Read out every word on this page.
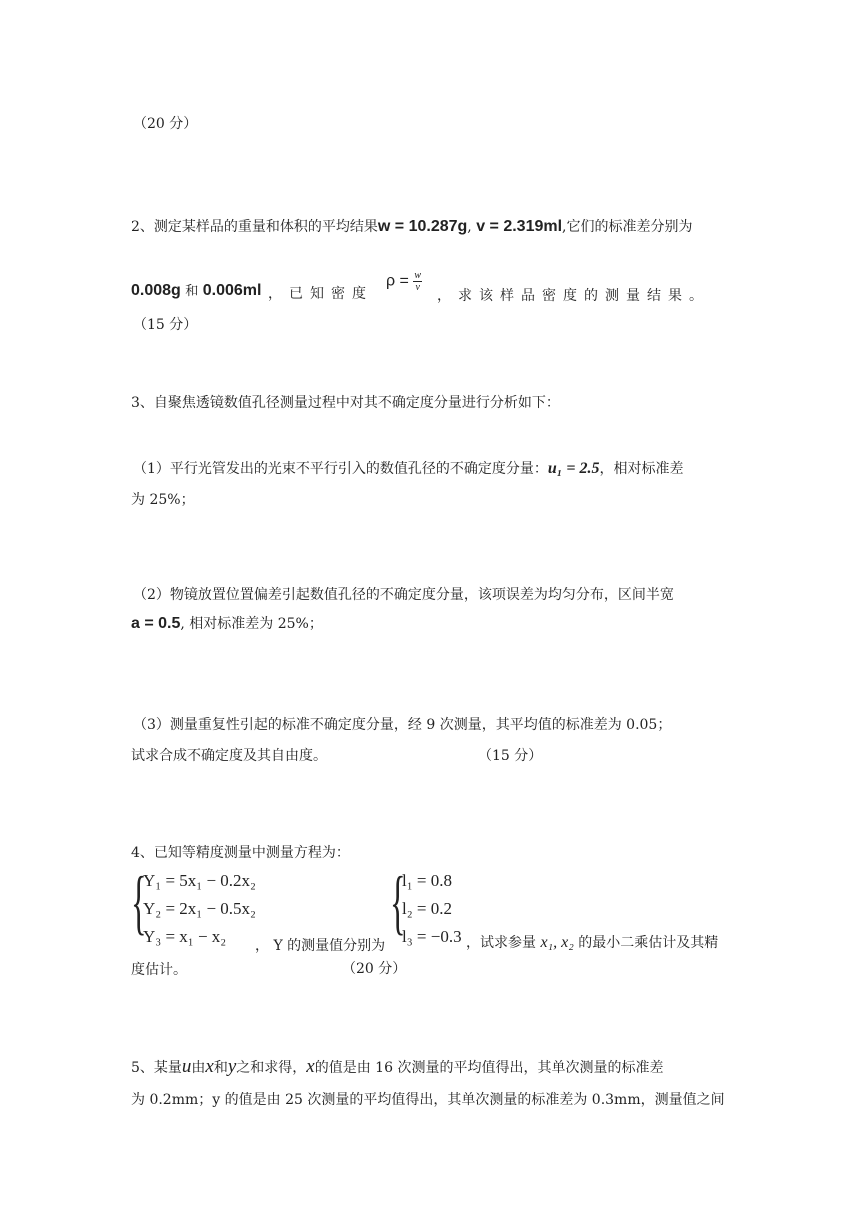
（20 分）
2、测定某样品的重量和体积的平均结果w = 10.287g, v = 2.319ml,它们的标准差分别为
0.008g 和 0.006ml ，已知密度
$\rho = \frac{w}{v}$
，求该样品密度的测量结果。
（15 分）
3、自聚焦透镜数值孔径测量过程中对其不确定度分量进行分析如下：
（1）平行光管发出的光束不平行引入的数值孔径的不确定度分量：u₁ = 2.5，相对标准差
为 25%；
（2）物镜放置位置偏差引起数值孔径的不确定度分量，该项误差为均匀分布，区间半宽
a = 0.5, 相对标准差为 25%；
（3）测量重复性引起的标准不确定度分量，经 9 次测量，其平均值的标准差为 0.05；
试求合成不确定度及其自由度。	（15 分）
4、已知等精度测量中测量方程为：
{
Y₁ = 5x₁ − 0.2x₂
Y₂ = 2x₁ − 0.5x₂
Y₃ = x₁ − x₂ ， Y 的测量值分别为
{
l₁ = 0.8
l₂ = 0.2
l₃ = −0.3 ，试求参量 x₁, x₂ 的最小二乘估计及其精
度估计。	（20 分）
5、某量u由x和y之和求得，x的值是由 16 次测量的平均值得出，其单次测量的标准差
为 0.2mm；y 的值是由 25 次测量的平均值得出，其单次测量的标准差为 0.3mm，测量值之间
